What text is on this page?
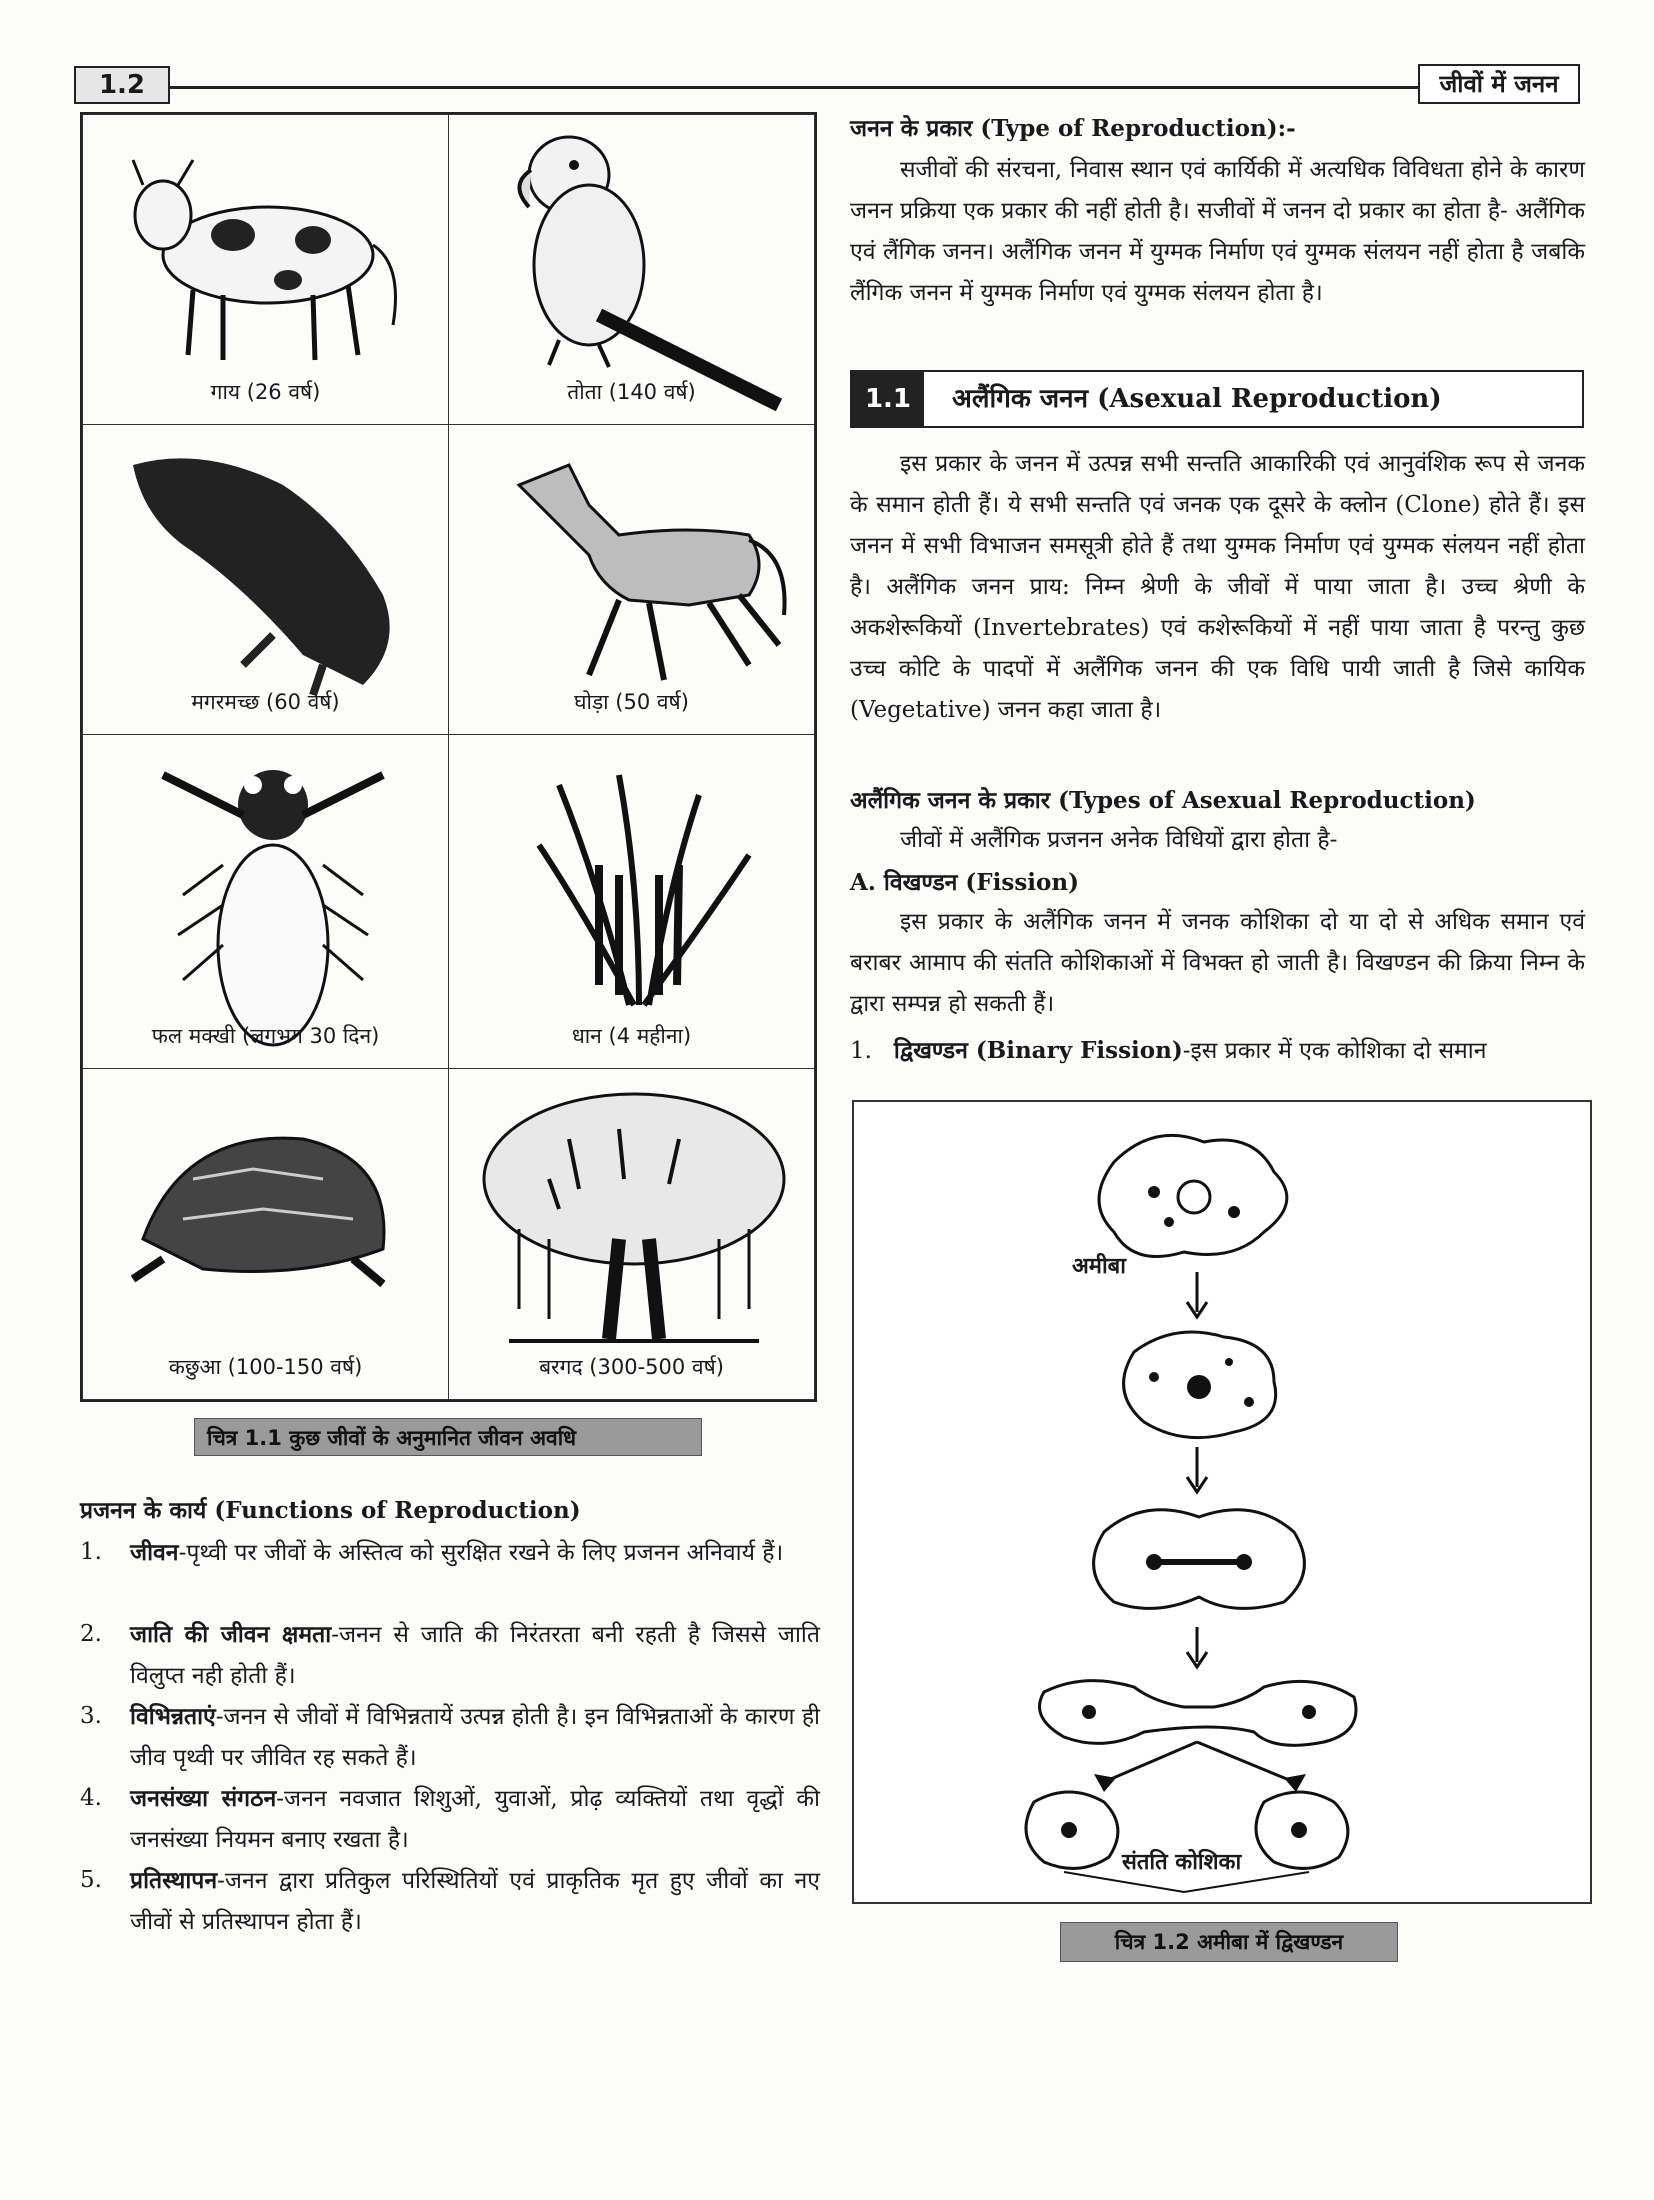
1.2	जीवों में जनन
गाय (26 वर्ष)	तोता (140 वर्ष)
मगरमच्छ (60 वर्ष)	घोड़ा (50 वर्ष)
फल मक्खी (लगभग 30 दिन)	धान (4 महीना)
कछुआ (100-150 वर्ष)	बरगद (300-500 वर्ष)
चित्र 1.1 कुछ जीवों के अनुमानित जीवन अवधि
प्रजनन के कार्य (Functions of Reproduction)
1.	जीवन-पृथ्वी पर जीवों के अस्तित्व को सुरक्षित रखने के लिए प्रजनन अनिवार्य हैं।
2.	जाति की जीवन क्षमता-जनन से जाति की निरंतरता बनी रहती है जिससे जाति विलुप्त नही होती हैं।
3.	विभिन्नताएं-जनन से जीवों में विभिन्नतायें उत्पन्न होती है। इन विभिन्नताओं के कारण ही जीव पृथ्वी पर जीवित रह सकते हैं।
4.	जनसंख्या संगठन-जनन नवजात शिशुओं, युवाओं, प्रोढ़ व्यक्तियों तथा वृद्धों की जनसंख्या नियमन बनाए रखता है।
5.	प्रतिस्थापन-जनन द्वारा प्रतिकुल परिस्थितियों एवं प्राकृतिक मृत हुए जीवों का नए जीवों से प्रतिस्थापन होता हैं।
जनन के प्रकार (Type of Reproduction):-
सजीवों की संरचना, निवास स्थान एवं कार्यिकी में अत्यधिक विविधता होने के कारण जनन प्रक्रिया एक प्रकार की नहीं होती है। सजीवों में जनन दो प्रकार का होता है- अलैंगिक एवं लैंगिक जनन। अलैंगिक जनन में युग्मक निर्माण एवं युग्मक संलयन नहीं होता है जबकि लैंगिक जनन में युग्मक निर्माण एवं युग्मक संलयन होता है।
1.1	अलैंगिक जनन (Asexual Reproduction)
इस प्रकार के जनन में उत्पन्न सभी सन्तति आकारिकी एवं आनुवंशिक रूप से जनक के समान होती हैं। ये सभी सन्तति एवं जनक एक दूसरे के क्लोन (Clone) होते हैं। इस जनन में सभी विभाजन समसूत्री होते हैं तथा युग्मक निर्माण एवं युग्मक संलयन नहीं होता है। अलैंगिक जनन प्राय: निम्न श्रेणी के जीवों में पाया जाता है। उच्च श्रेणी के अकशेरूकियों (Invertebrates) एवं कशेरूकियों में नहीं पाया जाता है परन्तु कुछ उच्च कोटि के पादपों में अलैंगिक जनन की एक विधि पायी जाती है जिसे कायिक (Vegetative) जनन कहा जाता है।
अलैंगिक जनन के प्रकार (Types of Asexual Reproduction)
जीवों में अलैंगिक प्रजनन अनेक विधियों द्वारा होता है-
A. विखण्डन (Fission)
इस प्रकार के अलैंगिक जनन में जनक कोशिका दो या दो से अधिक समान एवं बराबर आमाप की संतति कोशिकाओं में विभक्त हो जाती है। विखण्डन की क्रिया निम्न के द्वारा सम्पन्न हो सकती हैं।
1. द्विखण्डन (Binary Fission)-इस प्रकार में एक कोशिका दो समान
अमीबा
संतति कोशिका
चित्र 1.2 अमीबा में द्विखण्डन
